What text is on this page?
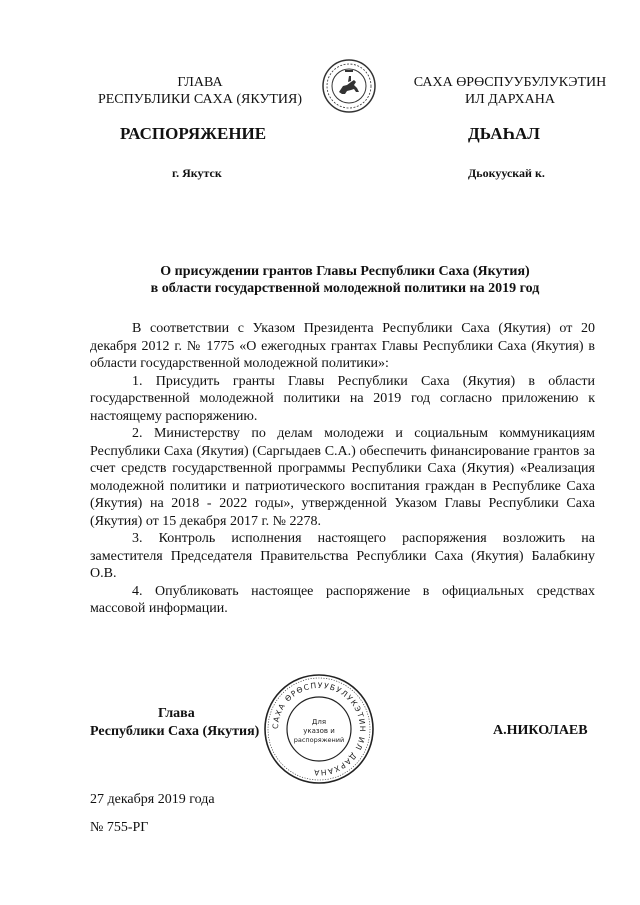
ГЛАВА
РЕСПУБЛИКИ САХА (ЯКУТИЯ)
САХА ӨРӨСПУУБУЛУКЭТИН
ИЛ ДАРХАНА
РАСПОРЯЖЕНИЕ	ДЬАҺАЛ
г. Якутск	Дьокуускай к.
О присуждении грантов Главы Республики Саха (Якутия)
в области государственной молодежной политики на 2019 год

В соответствии с Указом Президента Республики Саха (Якутия) от 20 декабря 2012 г. № 1775 «О ежегодных грантах Главы Республики Саха (Якутия) в области государственной молодежной политики»:

1. Присудить гранты Главы Республики Саха (Якутия) в области государственной молодежной политики на 2019 год согласно приложению к настоящему распоряжению.

2. Министерству по делам молодежи и социальным коммуникациям Республики Саха (Якутия) (Саргыдаев С.А.) обеспечить финансирование грантов за счет средств государственной программы Республики Саха (Якутия) «Реализация молодежной политики и патриотического воспитания граждан в Республике Саха (Якутия) на 2018 - 2022 годы», утвержденной Указом Главы Республики Саха (Якутия) от 15 декабря 2017 г. № 2278.

3. Контроль исполнения настоящего распоряжения возложить на заместителя Председателя Правительства Республики Саха (Якутия) Балабкину О.В.

4. Опубликовать настоящее распоряжение в официальных средствах массовой информации.

САХА ӨРӨСПУУБУЛУКЭТИН ИЛ ДАРХАНА
Для
указов и
распоряжений
Глава
Республики Саха (Якутия)	А.НИКОЛАЕВ
27 декабря 2019 года
№ 755-РГ
